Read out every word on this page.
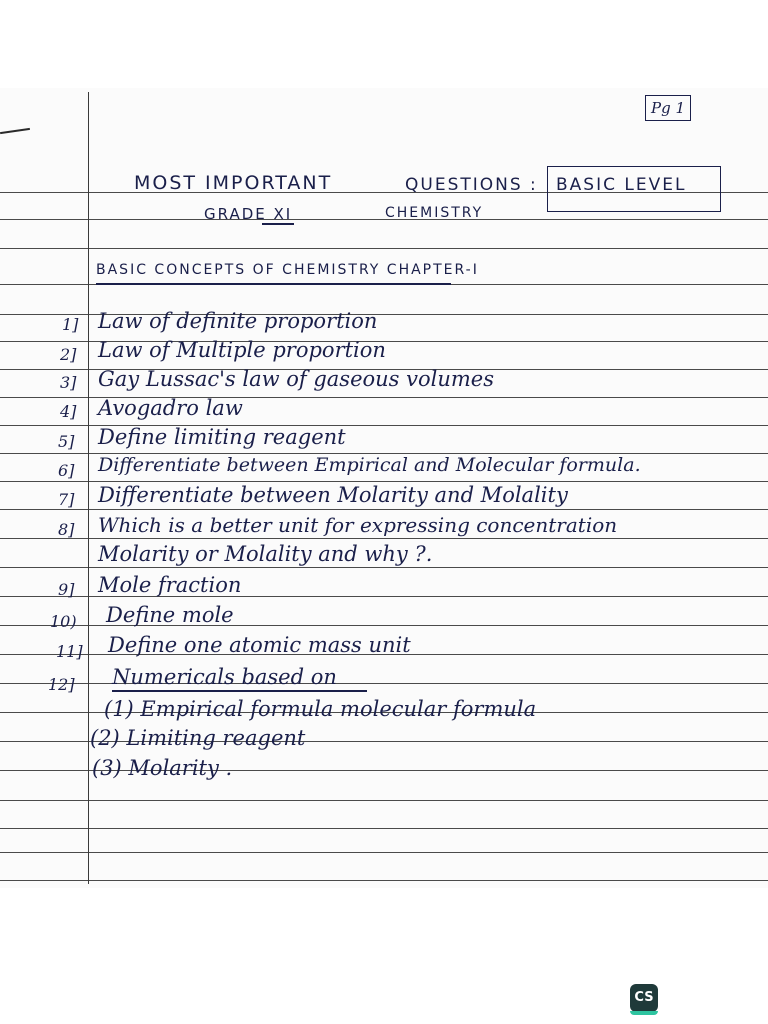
Pg 1
MOST IMPORTANT	QUESTIONS : BASIC LEVEL
GRADE XI	CHEMISTRY
BASIC CONCEPTS OF CHEMISTRY CHAPTER-I
1] Law of definite proportion
2] Law of Multiple proportion
3] Gay Lussac's law of gaseous volumes
4] Avogadro law
5] Define limiting reagent
6] Differentiate between Empirical and Molecular formula.
7] Differentiate between Molarity and Molality
8] Which is a better unit for expressing concentration
Molarity or Molality and why ?.
9] Mole fraction
10) Define mole
11] Define one atomic mass unit
12] Numericals based on
(1) Empirical formula molecular formula
(2) Limiting reagent
(3) Molarity .
CS
